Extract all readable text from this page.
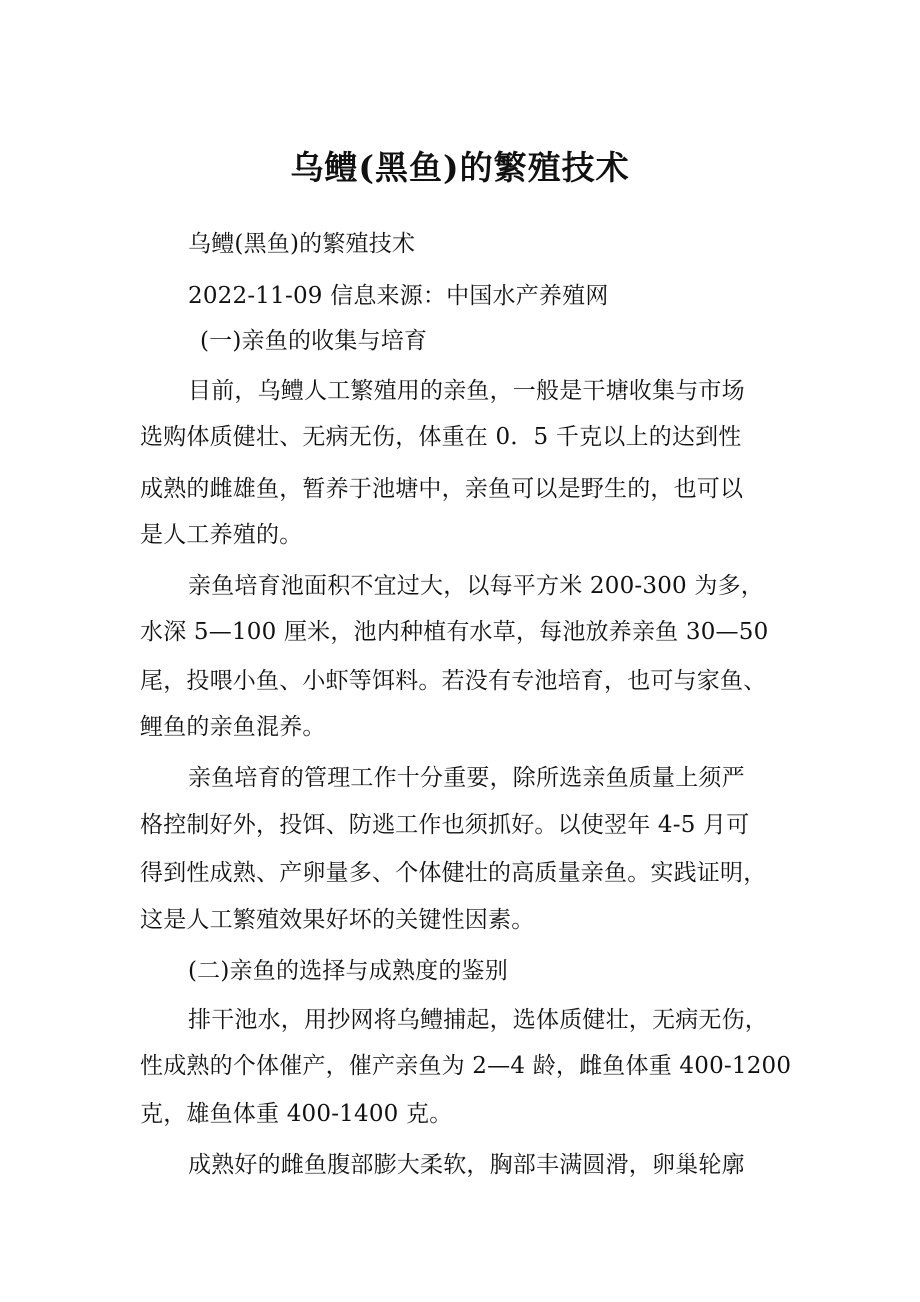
乌鳢(黑鱼)的繁殖技术
乌鳢(黑鱼)的繁殖技术
2022-11-09 信息来源：中国水产养殖网
(一)亲鱼的收集与培育
目前，乌鳢人工繁殖用的亲鱼，一般是干塘收集与市场
选购体质健壮、无病无伤，体重在 0．5 千克以上的达到性
成熟的雌雄鱼，暂养于池塘中，亲鱼可以是野生的，也可以
是人工养殖的。
亲鱼培育池面积不宜过大，以每平方米 200-300 为多，
水深 5—100 厘米，池内种植有水草，每池放养亲鱼 30—50
尾，投喂小鱼、小虾等饵料。若没有专池培育，也可与家鱼、
鲤鱼的亲鱼混养。
亲鱼培育的管理工作十分重要，除所选亲鱼质量上须严
格控制好外，投饵、防逃工作也须抓好。以使翌年 4-5 月可
得到性成熟、产卵量多、个体健壮的高质量亲鱼。实践证明，
这是人工繁殖效果好坏的关键性因素。
(二)亲鱼的选择与成熟度的鉴别
排干池水，用抄网将乌鳢捕起，选体质健壮，无病无伤，
性成熟的个体催产，催产亲鱼为 2—4 龄，雌鱼体重 400-1200
克，雄鱼体重 400-1400 克。
成熟好的雌鱼腹部膨大柔软，胸部丰满圆滑，卵巢轮廓
